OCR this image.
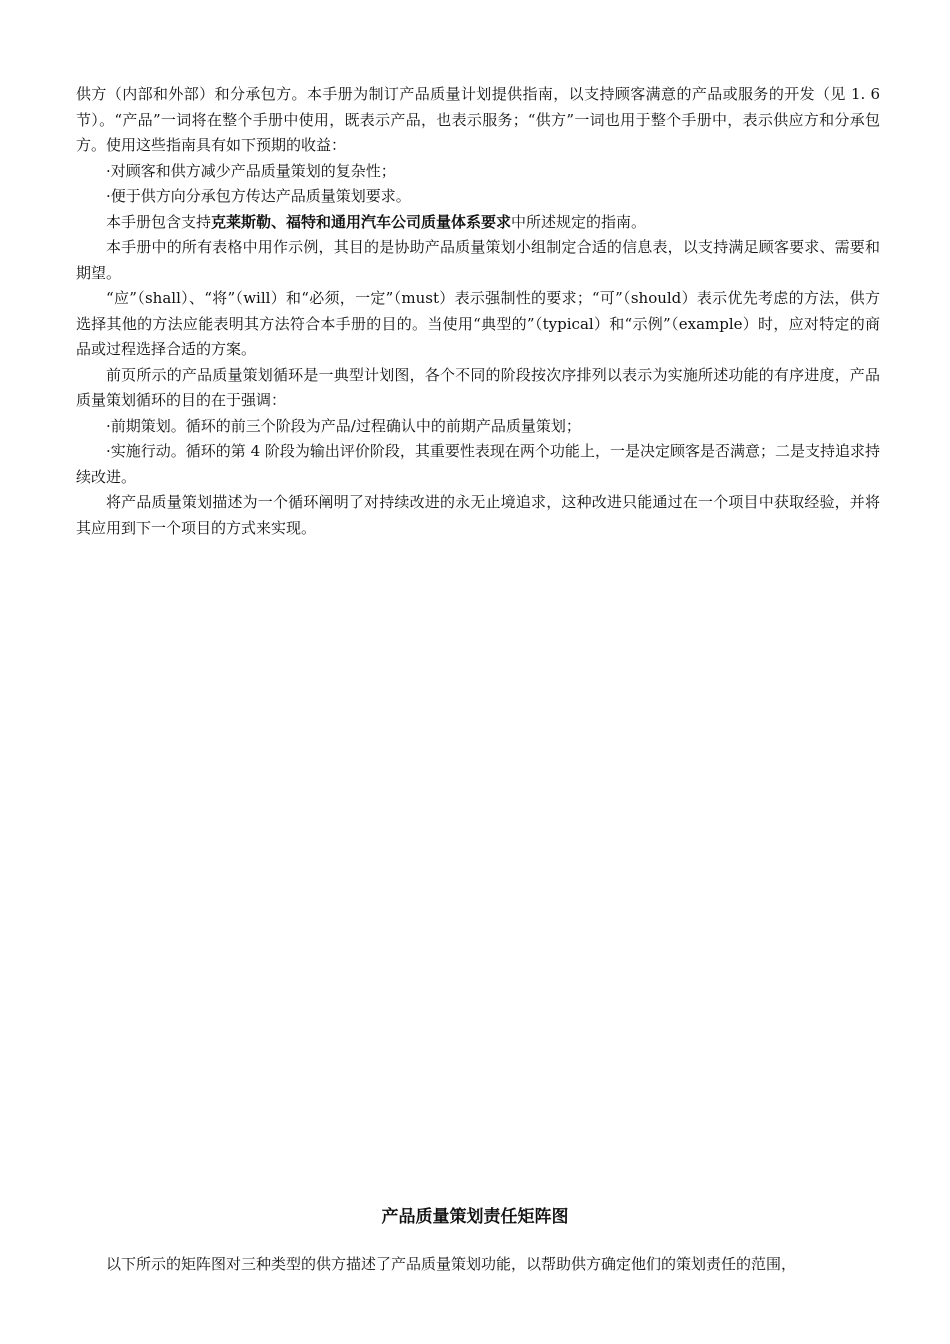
供方（内部和外部）和分承包方。本手册为制订产品质量计划提供指南，以支持顾客满意的产品或服务的开发（见 1. 6 节）。“产品”一词将在整个手册中使用，既表示产品，也表示服务；“供方”一词也用于整个手册中，表示供应方和分承包方。使用这些指南具有如下预期的收益：

·对顾客和供方减少产品质量策划的复杂性；

·便于供方向分承包方传达产品质量策划要求。

本手册包含支持克莱斯勒、福特和通用汽车公司质量体系要求中所述规定的指南。

本手册中的所有表格中用作示例，其目的是协助产品质量策划小组制定合适的信息表，以支持满足顾客要求、需要和期望。

“应”（shall）、“将”（will）和“必须，一定”（must）表示强制性的要求；“可”（should）表示优先考虑的方法，供方选择其他的方法应能表明其方法符合本手册的目的。当使用“典型的”（typical）和“示例”（example）时，应对特定的商品或过程选择合适的方案。

前页所示的产品质量策划循环是一典型计划图，各个不同的阶段按次序排列以表示为实施所述功能的有序进度，产品质量策划循环的目的在于强调：

·前期策划。循环的前三个阶段为产品/过程确认中的前期产品质量策划；

·实施行动。循环的第 4 阶段为输出评价阶段，其重要性表现在两个功能上，一是决定顾客是否满意；二是支持追求持续改进。

将产品质量策划描述为一个循环阐明了对持续改进的永无止境追求，这种改进只能通过在一个项目中获取经验，并将其应用到下一个项目的方式来实现。

产品质量策划责任矩阵图

以下所示的矩阵图对三种类型的供方描述了产品质量策划功能，以帮助供方确定他们的策划责任的范围，
